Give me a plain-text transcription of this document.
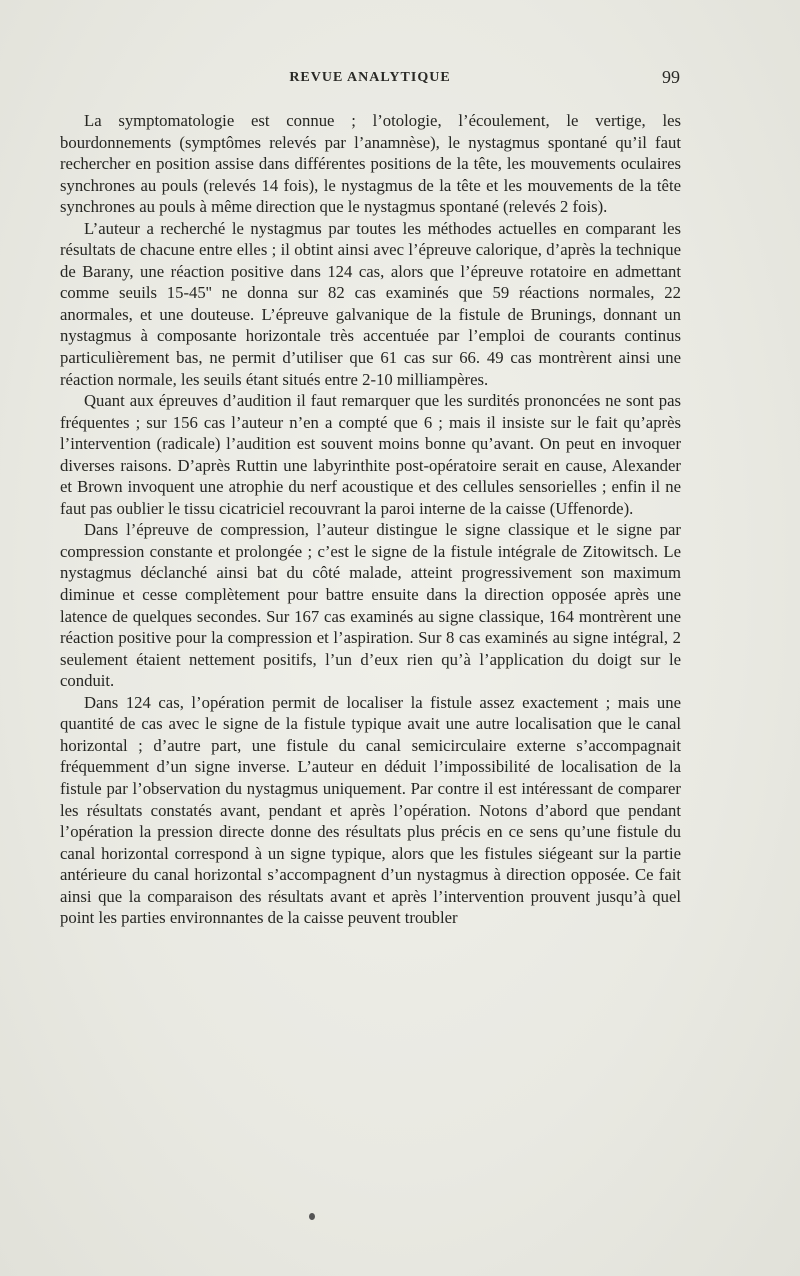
REVUE ANALYTIQUE	99

La symptomatologie est connue ; l’otologie, l’écoulement, le vertige, les bourdonnements (symptômes relevés par l’anamnèse), le nystagmus spontané qu’il faut rechercher en position assise dans différentes positions de la tête, les mouvements oculaires synchrones au pouls (relevés 14 fois), le nystagmus de la tête et les mouvements de la tête synchrones au pouls à même direction que le nystagmus spontané (relevés 2 fois).

L’auteur a recherché le nystagmus par toutes les méthodes actuelles en comparant les résultats de chacune entre elles ; il obtint ainsi avec l’épreuve calorique, d’après la technique de Barany, une réaction positive dans 124 cas, alors que l’épreuve rotatoire en admettant comme seuils 15-45'' ne donna sur 82 cas examinés que 59 réactions normales, 22 anormales, et une douteuse. L’épreuve galvanique de la fistule de Brunings, donnant un nystagmus à composante horizontale très accentuée par l’emploi de courants continus particulièrement bas, ne permit d’utiliser que 61 cas sur 66. 49 cas montrèrent ainsi une réaction normale, les seuils étant situés entre 2-10 milliampères.

Quant aux épreuves d’audition il faut remarquer que les surdités prononcées ne sont pas fréquentes ; sur 156 cas l’auteur n’en a compté que 6 ; mais il insiste sur le fait qu’après l’intervention (radicale) l’audition est souvent moins bonne qu’avant. On peut en invoquer diverses raisons. D’après Ruttin une labyrinthite post-opératoire serait en cause, Alexander et Brown invoquent une atrophie du nerf acoustique et des cellules sensorielles ; enfin il ne faut pas oublier le tissu cicatriciel recouvrant la paroi interne de la caisse (Uffenorde).

Dans l’épreuve de compression, l’auteur distingue le signe classique et le signe par compression constante et prolongée ; c’est le signe de la fistule intégrale de Zitowitsch. Le nystagmus déclanché ainsi bat du côté malade, atteint progressivement son maximum diminue et cesse complètement pour battre ensuite dans la direction opposée après une latence de quelques secondes. Sur 167 cas examinés au signe classique, 164 montrèrent une réaction positive pour la compression et l’aspiration. Sur 8 cas examinés au signe intégral, 2 seulement étaient nettement positifs, l’un d’eux rien qu’à l’application du doigt sur le conduit.

Dans 124 cas, l’opération permit de localiser la fistule assez exactement ; mais une quantité de cas avec le signe de la fistule typique avait une autre localisation que le canal horizontal ; d’autre part, une fistule du canal semicirculaire externe s’accompagnait fréquemment d’un signe inverse. L’auteur en déduit l’impossibilité de localisation de la fistule par l’observation du nystagmus uniquement. Par contre il est intéressant de comparer les résultats constatés avant, pendant et après l’opération. Notons d’abord que pendant l’opération la pression directe donne des résultats plus précis en ce sens qu’une fistule du canal horizontal correspond à un signe typique, alors que les fistules siégeant sur la partie antérieure du canal horizontal s’accompagnent d’un nystagmus à direction opposée. Ce fait ainsi que la comparaison des résultats avant et après l’intervention prouvent jusqu’à quel point les parties environnantes de la caisse peuvent troubler
